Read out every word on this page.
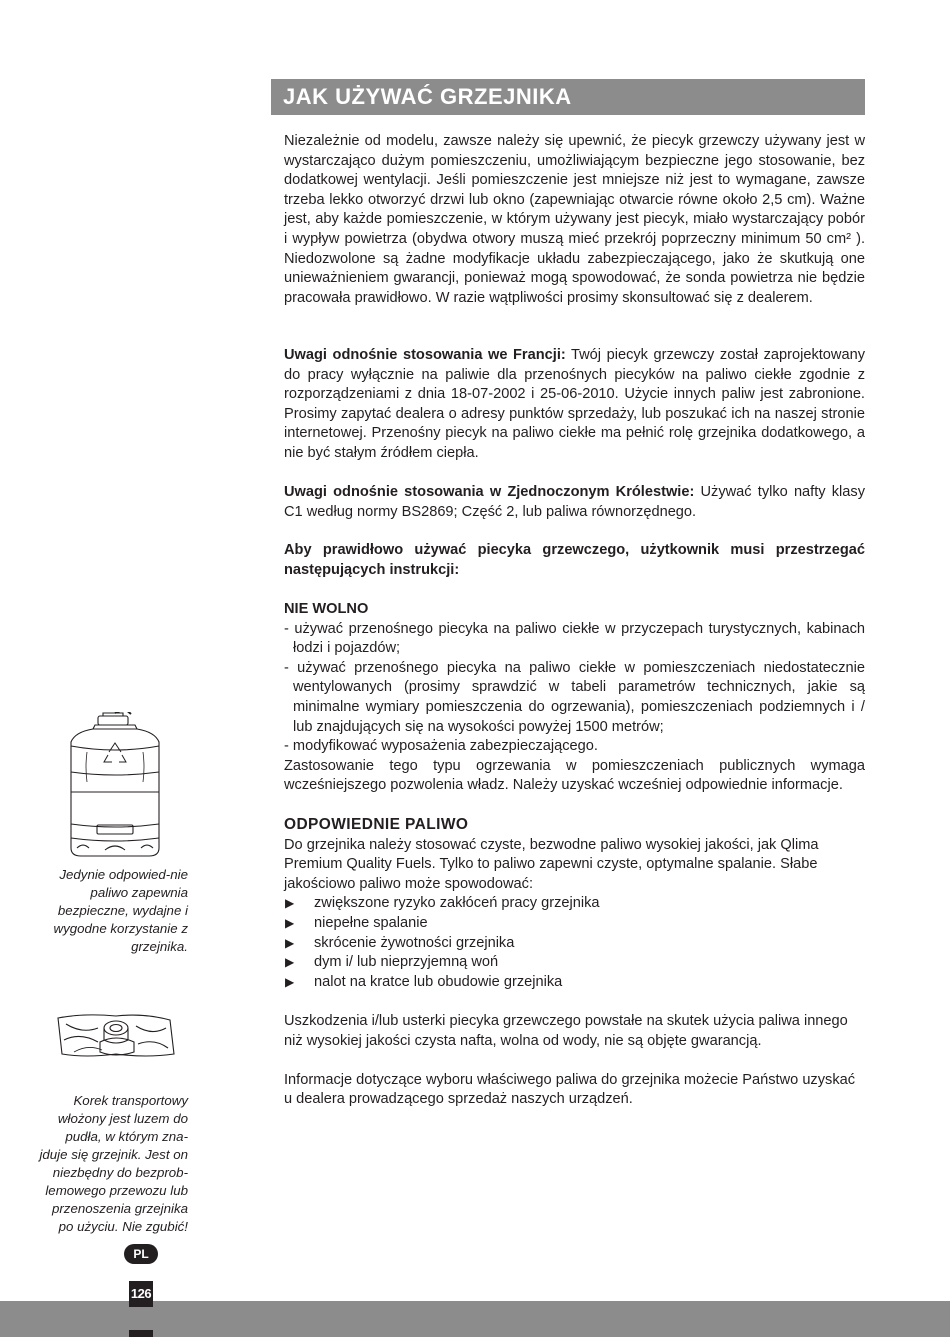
JAK UŻYWAĆ GRZEJNIKA

Niezależnie od modelu, zawsze należy się upewnić, że piecyk grzewczy używany jest w wystarczająco dużym pomieszczeniu, umożliwiającym bezpieczne jego stosowanie, bez dodatkowej wentylacji. Jeśli pomieszczenie jest mniejsze niż jest to wymagane, zawsze trzeba lekko otworzyć drzwi lub okno (zapewniając otwarcie równe około 2,5 cm). Ważne jest, aby każde pomieszczenie, w którym używany jest piecyk, miało wystarczający pobór i wypływ powietrza (obydwa otwory muszą mieć przekrój poprzeczny minimum 50 cm² ). Niedozwolone są żadne modyfikacje układu zabezpieczającego, jako że skutkują one unieważnieniem gwarancji, ponieważ mogą spowodować, że sonda powietrza nie będzie pracowała prawidłowo. W razie wątpliwości prosimy skonsultować się z dealerem.

Uwagi odnośnie stosowania we Francji: Twój piecyk grzewczy został zaprojektowany do pracy wyłącznie na paliwie dla przenośnych piecyków na paliwo ciekłe zgodnie z rozporządzeniami z dnia 18-07-2002 i 25-06-2010. Użycie innych paliw jest zabronione. Prosimy zapytać dealera o adresy punktów sprzedaży, lub poszukać ich na naszej stronie internetowej. Przenośny piecyk na paliwo ciekłe ma pełnić rolę grzejnika dodatkowego, a nie być stałym źródłem ciepła.

Uwagi odnośnie stosowania w Zjednoczonym Królestwie: Używać tylko nafty klasy C1 według normy BS2869; Część 2, lub paliwa równorzędnego.

Aby prawidłowo używać piecyka grzewczego, użytkownik musi przestrzegać następujących instrukcji:

NIE WOLNO

- używać przenośnego piecyka na paliwo ciekłe w przyczepach turystycznych, kabinach łodzi i pojazdów;

- używać przenośnego piecyka na paliwo ciekłe w pomieszczeniach niedostatecznie wentylowanych (prosimy sprawdzić w tabeli parametrów technicznych, jakie są minimalne wymiary pomieszczenia do ogrzewania), pomieszczeniach podziemnych i / lub znajdujących się na wysokości powyżej 1500 metrów;

- modyfikować wyposażenia zabezpieczającego.

Zastosowanie tego typu ogrzewania w pomieszczeniach publicznych wymaga wcześniejszego pozwolenia władz. Należy uzyskać wcześniej odpowiednie informacje.

ODPOWIEDNIE PALIWO

Do grzejnika należy stosować czyste, bezwodne paliwo wysokiej jakości, jak Qlima Premium Quality Fuels. Tylko to paliwo zapewni czyste, optymalne spalanie. Słabe jakościowo paliwo może spowodować:

▶ zwiększone ryzyko zakłóceń pracy grzejnika
▶ niepełne spalanie
▶ skrócenie żywotności grzejnika
▶ dym i/ lub nieprzyjemną woń
▶ nalot na kratce lub obudowie grzejnika

Uszkodzenia i/lub usterki piecyka grzewczego powstałe na skutek użycia paliwa innego niż wysokiej jakości czysta nafta, wolna od wody, nie są objęte gwarancją.

Informacje dotyczące wyboru właściwego paliwa do grzejnika możecie Państwo uzyskać u dealera prowadzącego sprzedaż naszych urządzeń.

Jedynie odpowied-nie paliwo zapewnia bezpieczne, wydajne i wygodne korzystanie z grzejnika.
Korek transportowy włożony jest luzem do pudła, w którym zna-jduje się grzejnik. Jest on niezbędny do bezprob-lemowego przewozu lub przenoszenia grzejnika po użyciu. Nie zgubić!
PL
126
